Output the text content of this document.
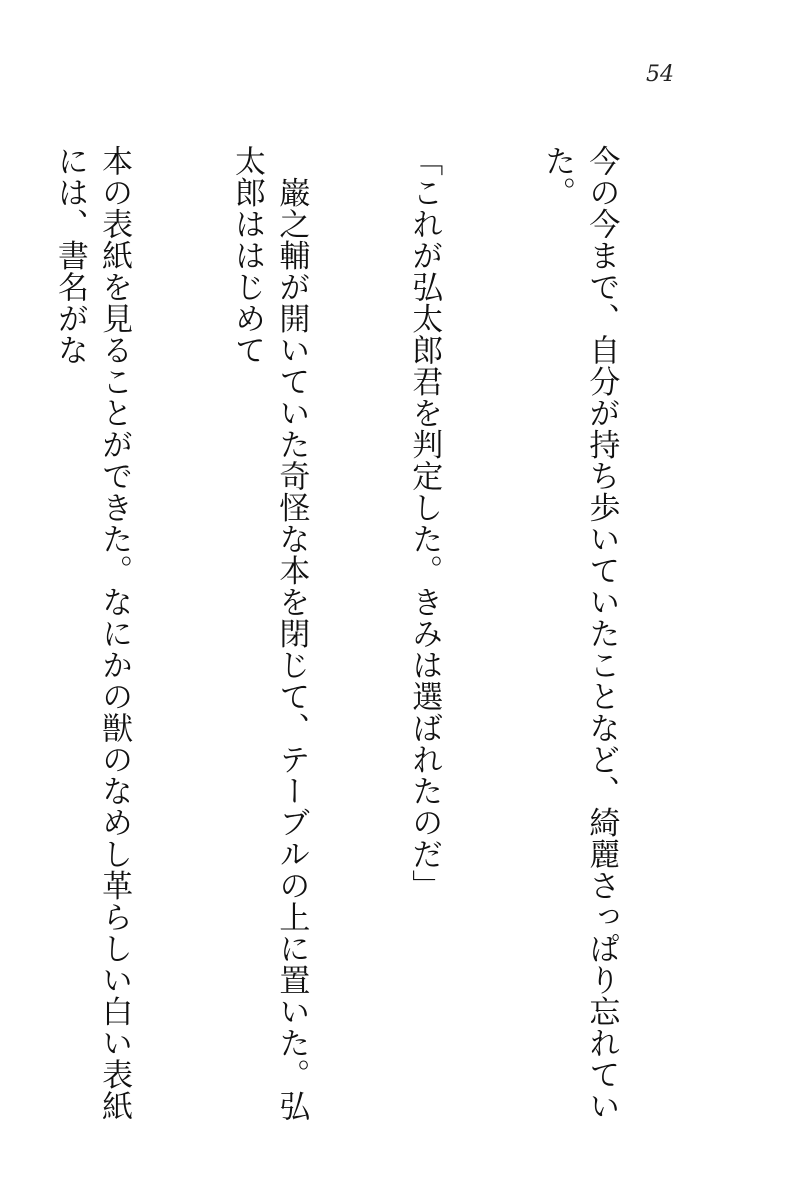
54

今の今まで、自分が持ち歩いていたことなど、綺麗さっぱり忘れていた。

「これが弘太郎君を判定した。きみは選ばれたのだ」

　巌之輔が開いていた奇怪な本を閉じて、テーブルの上に置いた。弘太郎ははじめて

本の表紙を見ることができた。なにかの獣のなめし革らしい白い表紙には、書名がな
